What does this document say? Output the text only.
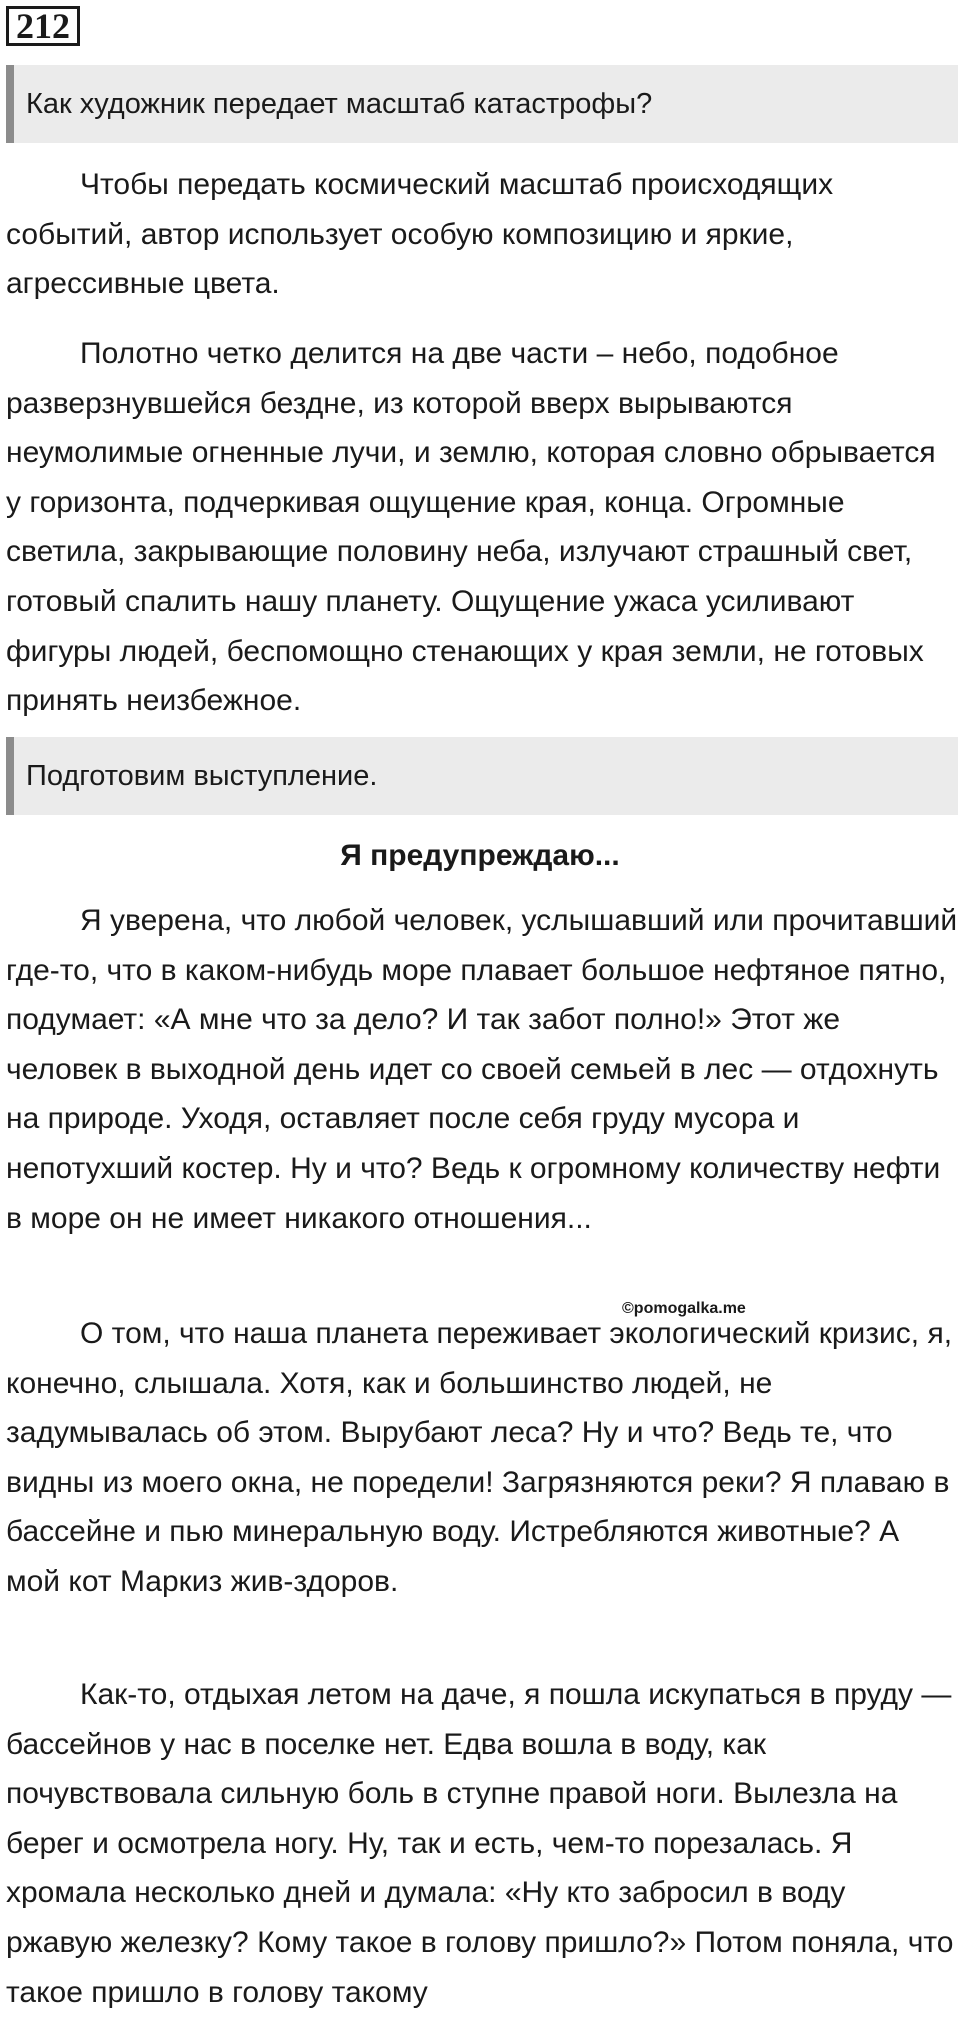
212
Как художник передает масштаб катастрофы?

Чтобы передать космический масштаб происходящих событий, автор использует особую композицию и яркие, агрессивные цвета.

Полотно четко делится на две части – небо, подобное разверзнувшейся бездне, из которой вверх вырываются неумолимые огненные лучи, и землю, которая словно обрывается у горизонта, подчеркивая ощущение края, конца. Огромные светила, закрывающие половину неба, излучают страшный свет, готовый спалить нашу планету. Ощущение ужаса усиливают фигуры людей, беспомощно стенающих у края земли, не готовых принять неизбежное.

Подготовим выступление.
Я предупреждаю...

Я уверена, что любой человек, услышавший или прочитавший где-то, что в каком-нибудь море плавает большое нефтяное пятно, подумает: «А мне что за дело? И так забот полно!» Этот же человек в выходной день идет со своей семьей в лес — отдохнуть на природе. Уходя, оставляет после себя груду мусора и непотухший костер. Ну и что? Ведь к огромному количеству нефти в море он не имеет никакого отношения...

О том, что наша планета переживает экологический кризис, я, конечно, слышала. Хотя, как и большинство людей, не задумывалась об этом. Вырубают леса? Ну и что? Ведь те, что видны из моего окна, не поредели! Загрязняются реки? Я плаваю в бассейне и пью минеральную воду. Истребляются животные? А мой кот Маркиз жив-здоров.

Как-то, отдыхая летом на даче, я пошла искупаться в пруду — бассейнов у нас в поселке нет. Едва вошла в воду, как почувствовала сильную боль в ступне правой ноги. Вылезла на берег и осмотрела ногу. Ну, так и есть, чем-то порезалась. Я хромала несколько дней и думала: «Ну кто забросил в воду ржавую железку? Кому такое в голову пришло?» Потом поняла, что такое пришло в голову такому

©pomogalka.me
